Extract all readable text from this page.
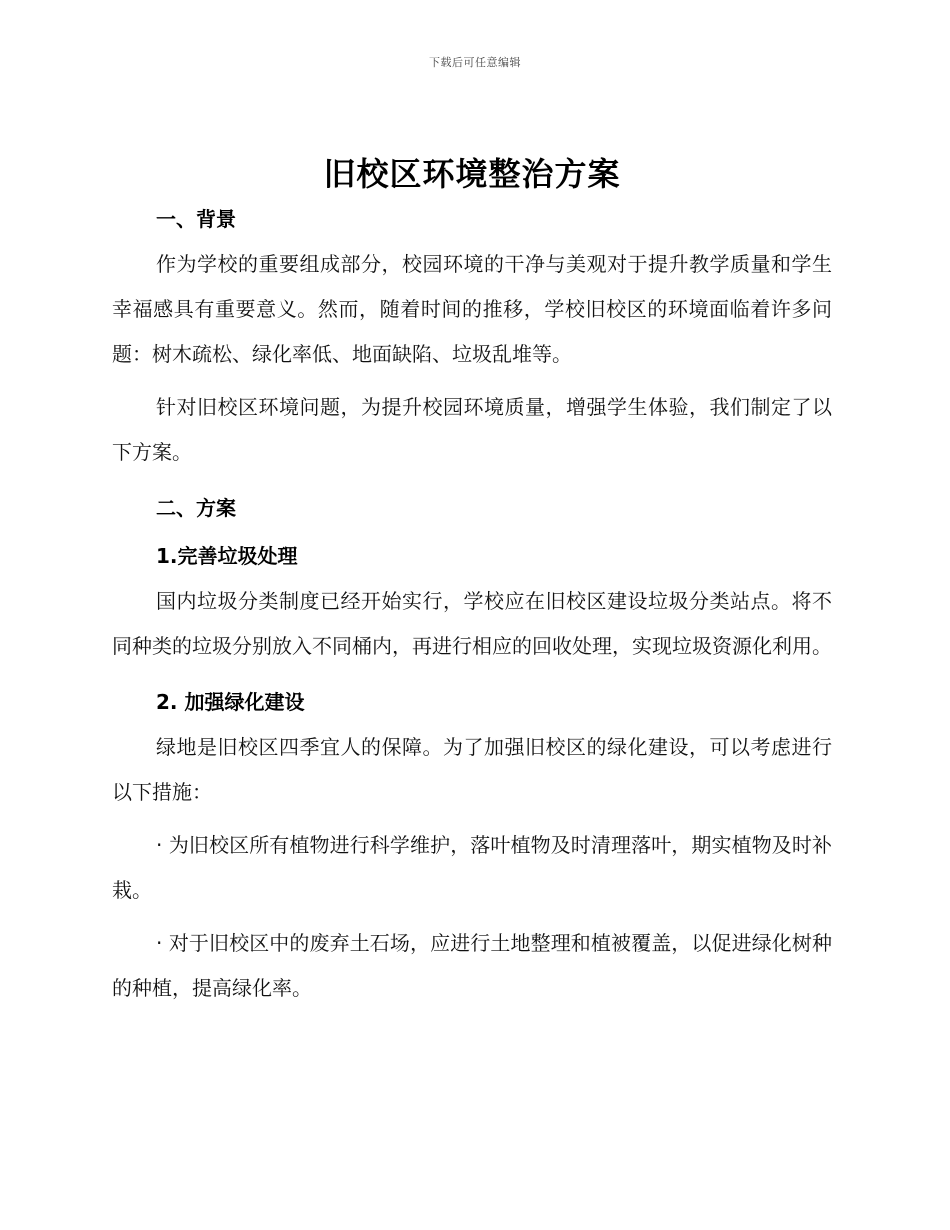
下载后可任意编辑
旧校区环境整治方案
一、背景

作为学校的重要组成部分，校园环境的干净与美观对于提升教学质量和学生幸福感具有重要意义。然而，随着时间的推移，学校旧校区的环境面临着许多问题：树木疏松、绿化率低、地面缺陷、垃圾乱堆等。

针对旧校区环境问题，为提升校园环境质量，增强学生体验，我们制定了以下方案。

二、方案
1.完善垃圾处理

国内垃圾分类制度已经开始实行，学校应在旧校区建设垃圾分类站点。将不同种类的垃圾分别放入不同桶内，再进行相应的回收处理，实现垃圾资源化利用。

2. 加强绿化建设

绿地是旧校区四季宜人的保障。为了加强旧校区的绿化建设，可以考虑进行以下措施：

· 为旧校区所有植物进行科学维护，落叶植物及时清理落叶，期实植物及时补栽。

· 对于旧校区中的废弃土石场，应进行土地整理和植被覆盖，以促进绿化树种的种植，提高绿化率。
